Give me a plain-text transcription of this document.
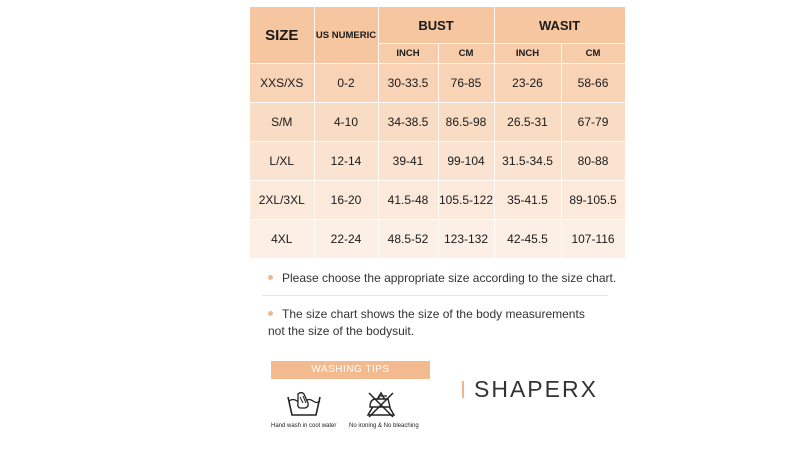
SIZE	US NUMERIC	BUST		WASIT	
		INCH	CM	INCH	CM
XXS/XS	0-2	30-33.5	76-85	23-26	58-66
S/M	4-10	34-38.5	86.5-98	26.5-31	67-79
L/XL	12-14	39-41	99-104	31.5-34.5	80-88
2XL/3XL	16-20	41.5-48	105.5-122	35-41.5	89-105.5
4XL	22-24	48.5-52	123-132	42-45.5	107-116
Please choose the appropriate size according to the size chart.
The size chart shows the size of the body measurements
not the size of the bodysuit.
WASHING TIPS
Hand wash in cool water No ironing & No bleaching
SHAPERX
